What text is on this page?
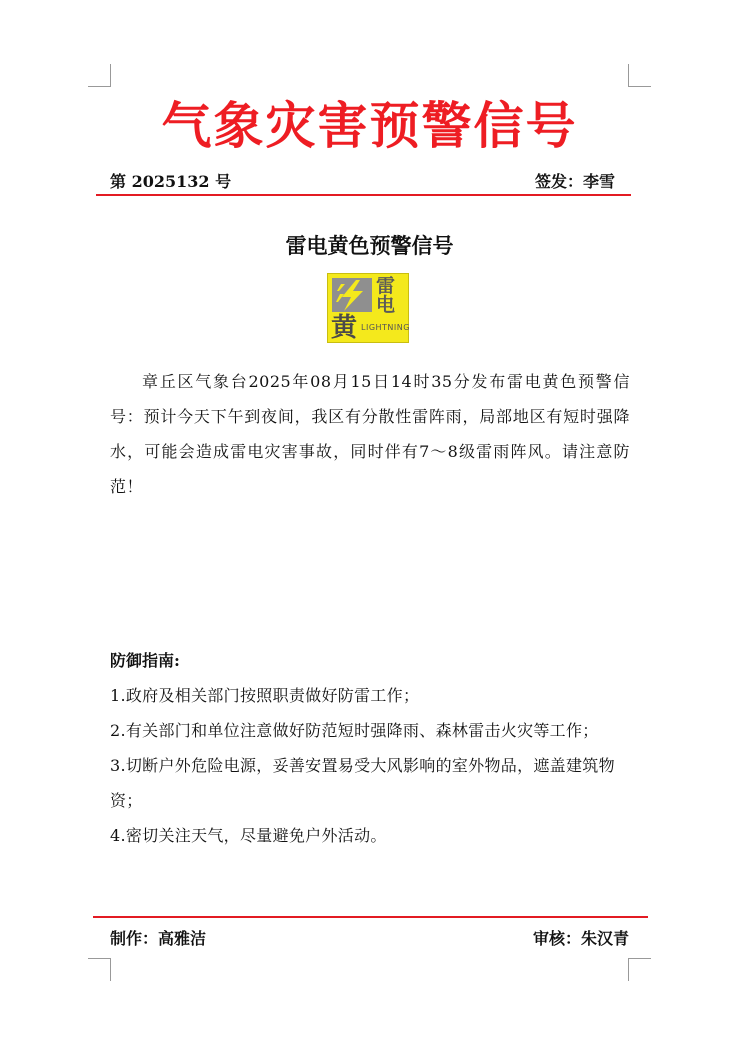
气象灾害预警信号
第 2025132 号	签发：李雪
雷电黄色预警信号
雷
电
黄 LIGHTNING

章丘区气象台2025年08月15日14时35分发布雷电黄色预警信号：预计今天下午到夜间，我区有分散性雷阵雨，局部地区有短时强降水，可能会造成雷电灾害事故，同时伴有7～8级雷雨阵风。请注意防范！

防御指南:
1.政府及相关部门按照职责做好防雷工作；
2.有关部门和单位注意做好防范短时强降雨、森林雷击火灾等工作；
3.切断户外危险电源，妥善安置易受大风影响的室外物品，遮盖建筑物资；
4.密切关注天气，尽量避免户外活动。
制作：高雅洁	审核：朱汉青
